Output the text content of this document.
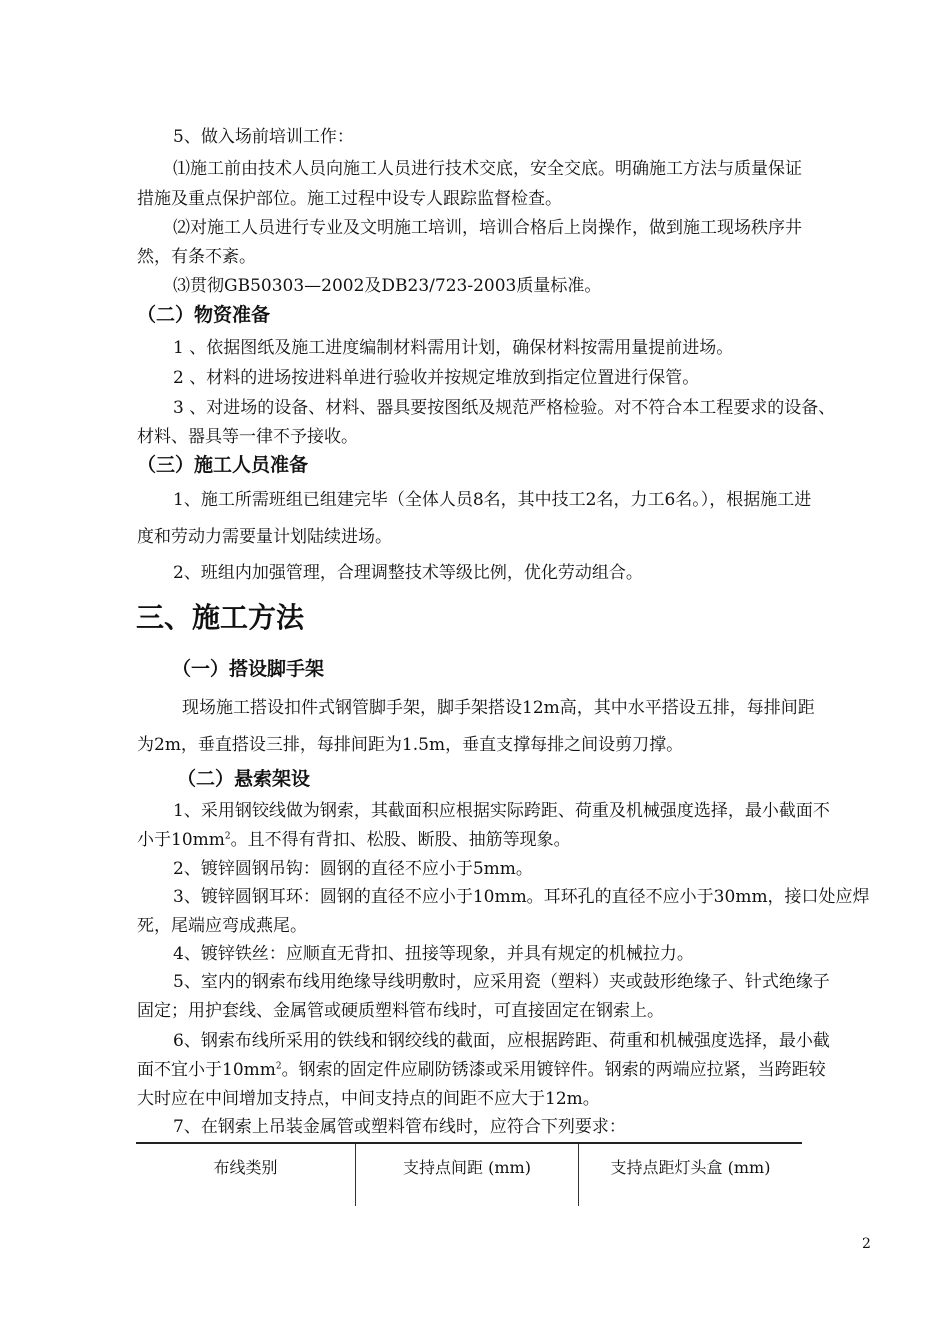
5、做入场前培训工作：
⑴施工前由技术人员向施工人员进行技术交底，安全交底。明确施工方法与质量保证
措施及重点保护部位。施工过程中设专人跟踪监督检查。
⑵对施工人员进行专业及文明施工培训，培训合格后上岗操作，做到施工现场秩序井
然，有条不紊。
⑶贯彻GB50303—2002及DB23/723-2003质量标准。
（二）物资准备
1 、依据图纸及施工进度编制材料需用计划，确保材料按需用量提前进场。
2 、材料的进场按进料单进行验收并按规定堆放到指定位置进行保管。
3 、对进场的设备、材料、器具要按图纸及规范严格检验。对不符合本工程要求的设备、
材料、器具等一律不予接收。
（三）施工人员准备
1、施工所需班组已组建完毕（全体人员8名，其中技工2名，力工6名。），根据施工进
度和劳动力需要量计划陆续进场。
2、班组内加强管理，合理调整技术等级比例，优化劳动组合。
三、施工方法
（一）搭设脚手架
现场施工搭设扣件式钢管脚手架，脚手架搭设12m高，其中水平搭设五排，每排间距
为2m，垂直搭设三排，每排间距为1.5m，垂直支撑每排之间设剪刀撑。
（二）悬索架设
1、采用钢铰线做为钢索，其截面积应根据实际跨距、荷重及机械强度选择，最小截面不
小于$10mm^2$。且不得有背扣、松股、断股、抽筋等现象。
2、镀锌圆钢吊钩：圆钢的直径不应小于5mm。
3、镀锌圆钢耳环：圆钢的直径不应小于10mm。耳环孔的直径不应小于30mm，接口处应焊
死，尾端应弯成燕尾。
4、镀锌铁丝：应顺直无背扣、扭接等现象，并具有规定的机械拉力。
5、室内的钢索布线用绝缘导线明敷时，应采用瓷（塑料）夹或鼓形绝缘子、针式绝缘子
固定；用护套线、金属管或硬质塑料管布线时，可直接固定在钢索上。
6、钢索布线所采用的铁线和钢绞线的截面，应根据跨距、荷重和机械强度选择，最小截
面不宜小于$10mm^2$。钢索的固定件应刷防锈漆或采用镀锌件。钢索的两端应拉紧，当跨距较
大时应在中间增加支持点，中间支持点的间距不应大于12m。
7、在钢索上吊装金属管或塑料管布线时，应符合下列要求：
布线类别	支持点间距 (mm)	支持点距灯头盒 (mm)
2
